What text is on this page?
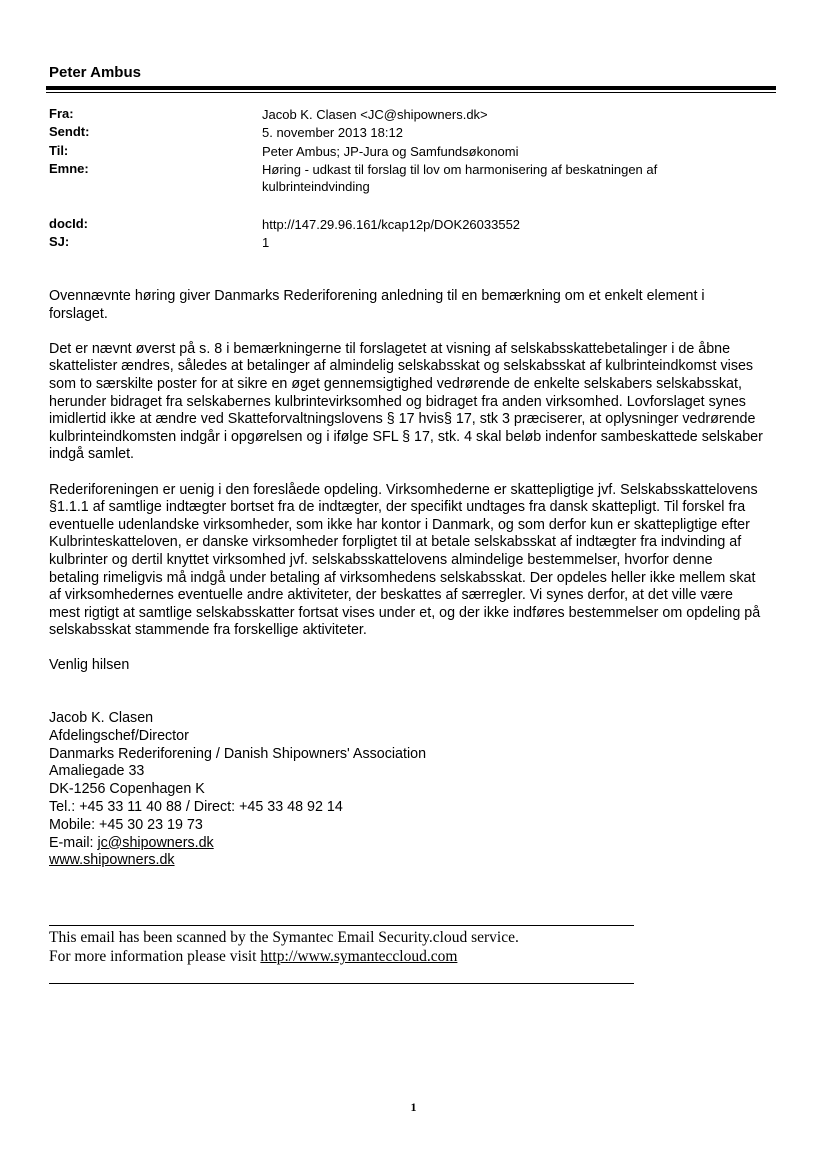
Peter Ambus
Fra:	Jacob K. Clasen <JC@shipowners.dk>
Sendt:	5. november 2013 18:12
Til:	Peter Ambus; JP-Jura og Samfundsøkonomi
Emne:	Høring - udkast til forslag til lov om harmonisering af beskatningen af kulbrinteindvinding
docId:	http://147.29.96.161/kcap12p/DOK26033552
SJ:	1

Ovennævnte høring giver Danmarks Rederiforening anledning til en bemærkning om et enkelt element i forslaget.

Det er nævnt øverst på s. 8 i bemærkningerne til forslagetet at visning af selskabsskattebetalinger i de åbne skattelister ændres, således at betalinger af almindelig selskabsskat og selskabsskat af kulbrinteindkomst vises som to særskilte poster for at sikre en øget gennemsigtighed vedrørende de enkelte selskabers selskabsskat, herunder bidraget fra selskabernes kulbrintevirksomhed og bidraget fra anden virksomhed. Lovforslaget synes imidlertid ikke at ændre ved Skatteforvaltningslovens § 17 hvis§ 17, stk 3 præciserer, at oplysninger vedrørende kulbrinteindkomsten indgår i opgørelsen og i ifølge SFL § 17, stk. 4 skal beløb indenfor sambeskattede selskaber indgå samlet.

Rederiforeningen er uenig i den foreslåede opdeling. Virksomhederne er skattepligtige jvf. Selskabsskattelovens §1.1.1 af samtlige indtægter bortset fra de indtægter, der specifikt undtages fra dansk skattepligt. Til forskel fra eventuelle udenlandske virksomheder, som ikke har kontor i Danmark, og som derfor kun er skattepligtige efter Kulbrinteskatteloven, er danske virksomheder forpligtet til at betale selskabsskat af indtægter fra indvinding af kulbrinter og dertil knyttet virksomhed jvf. selskabsskattelovens almindelige bestemmelser, hvorfor denne betaling rimeligvis må indgå under betaling af virksomhedens selskabsskat. Der opdeles heller ikke mellem skat af virksomhedernes eventuelle andre aktiviteter, der beskattes af særregler. Vi synes derfor, at det ville være mest rigtigt at samtlige selskabsskatter fortsat vises under et, og der ikke indføres bestemmelser om opdeling på selskabsskat stammende fra forskellige aktiviteter.

Venlig hilsen

Jacob K. Clasen
Afdelingschef/Director
Danmarks Rederiforening / Danish Shipowners' Association
Amaliegade 33
DK-1256 Copenhagen K
Tel.: +45 33 11 40 88 / Direct: +45 33 48 92 14
Mobile: +45 30 23 19 73
E-mail: jc@shipowners.dk
www.shipowners.dk
This email has been scanned by the Symantec Email Security.cloud service.
For more information please visit http://www.symanteccloud.com
1
